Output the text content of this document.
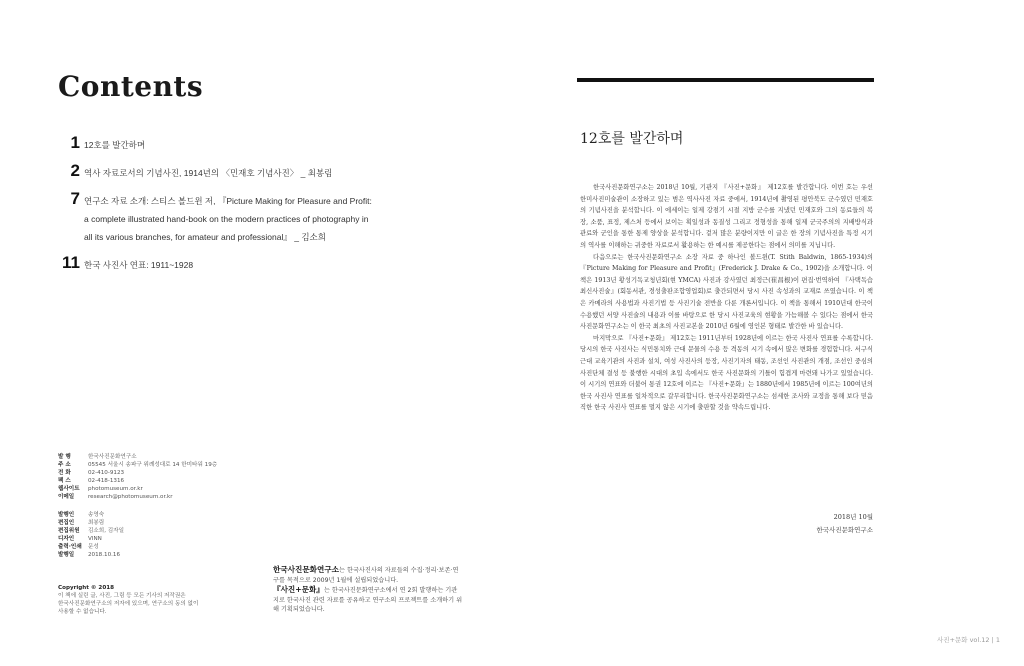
Contents
1 12호를 발간하며
2 역사 자료로서의 기념사진, 1914년의 〈민재호 기념사진〉 _ 최봉림
7 연구소 자료 소개: 스티스 볼드윈 저, 『Picture Making for Pleasure and Profit:
a complete illustrated hand-book on the modern practices of photography in
all its various branches, for amateur and professional』 _ 김소희
11 한국 사진사 연표: 1911~1928
발 행	한국사진문화연구소
주 소	05545 서울시 송파구 위례성대로 14 한미타워 19층
전 화	02-410-9123
팩 스	02-418-1316
웹사이트	photomuseum.or.kr
이메일	research@photomuseum.or.kr
발행인	송영숙
편집인	최봉림
편집위원	김소희, 김자일
디자인	VINN
출력·인쇄	문성
발행일	2018.10.16
Copyright © 2018
이 책에 실린 글, 사진, 그림 등 모든 기사의 저작권은
한국사진문화연구소의 저자에 있으며, 연구소의 동의 없이
사용할 수 없습니다.
한국사진문화연구소는 한국사진사의 자료들의 수집·정리·보존·연구를 목적으로 2009년 1월에 설립되었습니다.
『사진+문화』는 한국사진문화연구소에서 연 2회 발행하는 기관지로 한국사진 관련 자료를 공유하고 연구소의 프로젝트를 소개하기 위해 기획되었습니다.
12호를 발간하며

한국사진문화연구소는 2018년 10월, 기관지 『사진+문화』 제12호를 발간합니다. 이번 호는 우선 한미사진미술관이 소장하고 있는 범은 역사사진 자료 중에서, 1914년에 촬영된 평안북도 군수였던 민재호의 기념사진을 분석합니다. 이 에세이는 일제 강점기 시절 지방 군수를 지냈던 민재호와 그의 동료들의 복장, 소품, 표정, 제스처 등에서 보이는 획일성과 동질성 그리고 정형성을 통해 일제 군국주의의 지배방식과 관료와 군인을 통한 통제 양상을 분석합니다. 겉저 많은 분량이지만 이 글은 한 장의 기념사진을 특정 시기의 역사를 이해하는 귀중한 자료로서 활용하는 한 예시를 제공한다는 점에서 의미를 지닙니다.

다음으로는 한국사진문화연구소 소장 자료 중 하나인 볼드윈(T. Stith Baldwin, 1865-1934)의 『Picture Making for Pleasure and Profit』(Frederick J. Drake & Co., 1902)을 소개합니다. 이 책은 1913년 황성기독교청년회(현 YMCA) 사진과 강사였던 최정근(崔昌根)이 편집·번역하여 『사택독습최신사진술』(회동서관, 경성출판조합영업회)로 출간되면서 당시 사진 속성과의 교재로 쓰였습니다. 이 책은 카메라의 사용법과 사진기법 등 사진기술 전반을 다룬 개론서입니다. 이 책을 통해서 1910년대 한국이 수용했던 서양 사진술의 내용과 이를 바탕으로 한 당시 사진교육의 현황을 가늠해볼 수 있다는 점에서 한국사진문화연구소는 이 한국 최초의 사진교본을 2010년 6월에 영인본 형태로 발간한 바 있습니다.

마지막으로 『사진+문화』 제12호는 1911년부터 1928년에 이르는 한국 사진사 연표를 수록합니다. 당시의 한국 사진사는 식민통치와 근대 문물의 수용 등 격동의 시기 속에서 많은 변화를 경험합니다. 서구식 근대 교육기관의 사진과 설치, 여성 사진사의 등장, 사진기자의 태동, 조선인 사진관의 개점, 조선인 중심의 사진단체 결성 등 불행한 시대의 초입 속에서도 한국 사진문화의 기틀이 힘겹게 마련돼 나가고 있었습니다. 이 시기의 연표와 더불어 통권 12호에 이르는 『사진+문화』는 1880년에서 1985년에 이르는 100여년의 한국 사진사 연표를 일차적으로 갈무리합니다. 한국사진문화연구소는 섬세한 조사와 교정을 통해 보다 믿음직한 한국 사진사 연표를 멀지 않은 시기에 출판할 것을 약속드립니다.

2018년 10월
한국사진문화연구소
사진+문화 vol.12 | 1
